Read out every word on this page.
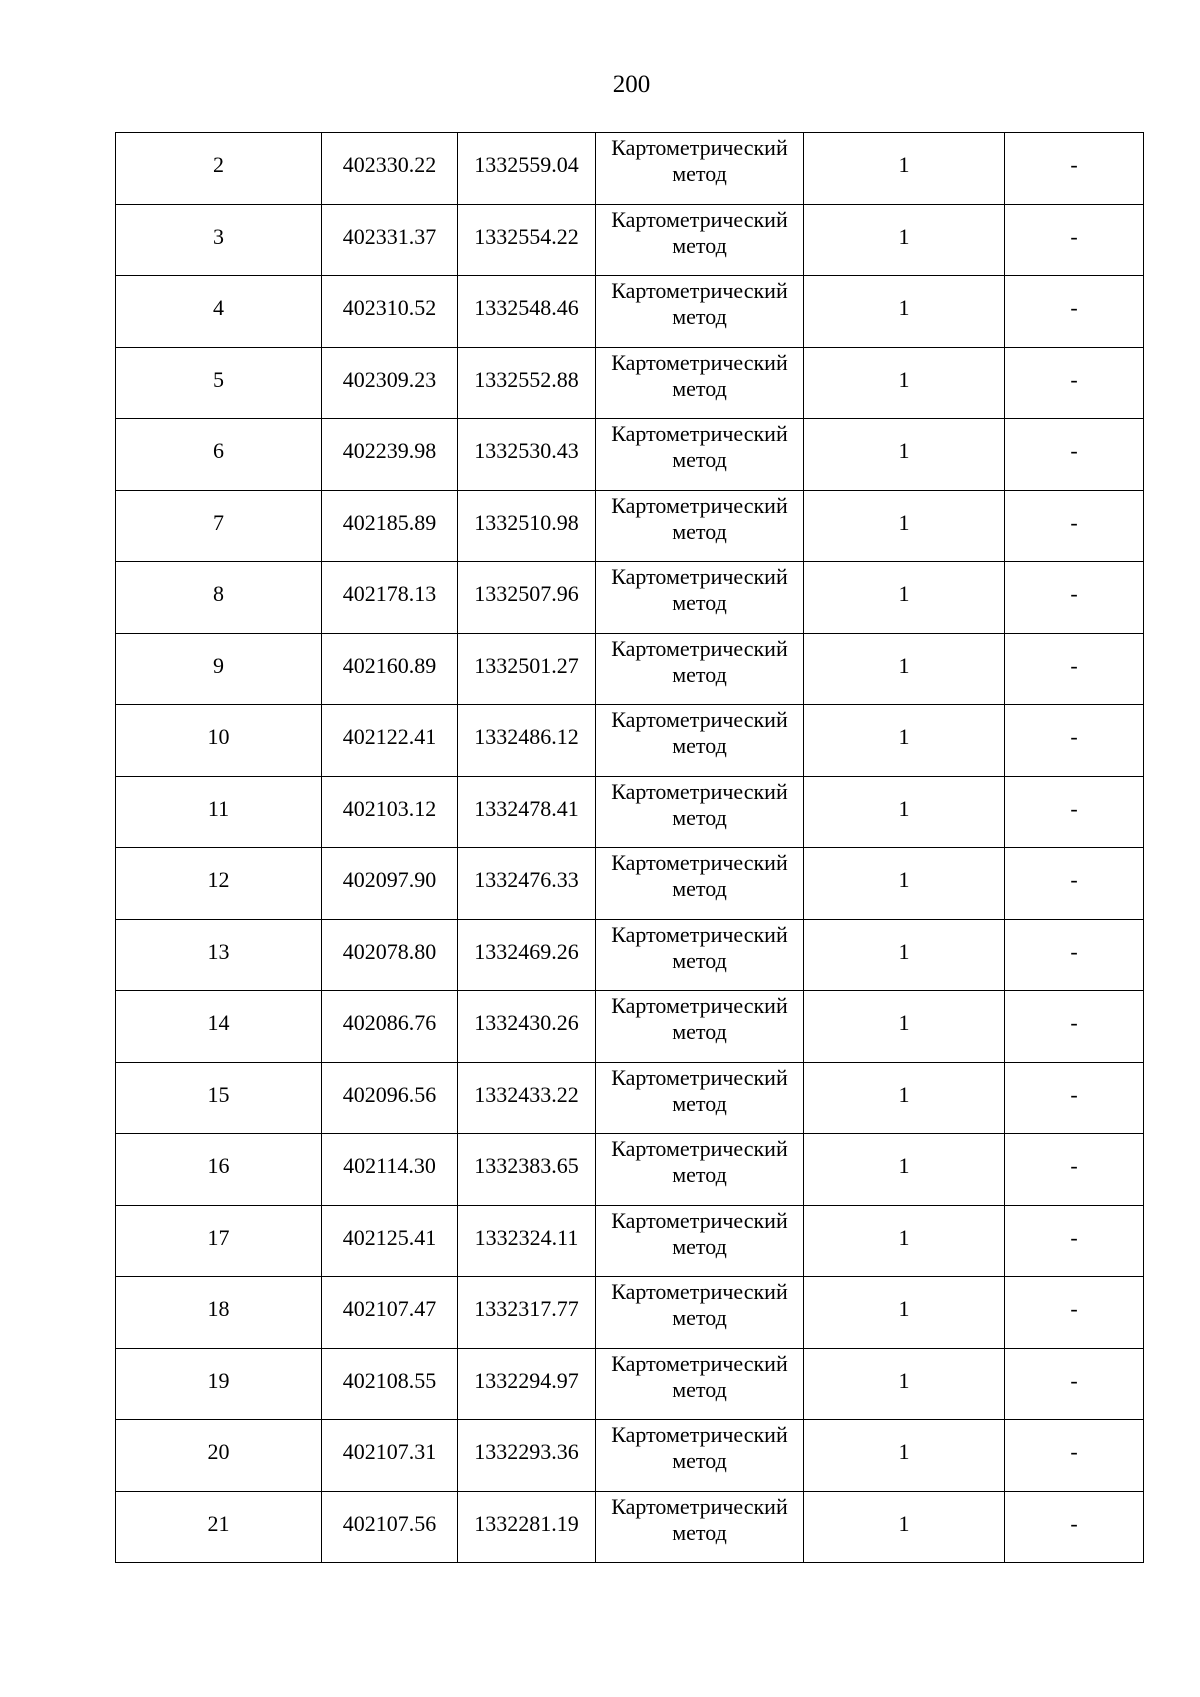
200
2	402330.22	1332559.04	Картометрический
метод	1	-

3	402331.37	1332554.22	Картометрический
метод	1	-

4	402310.52	1332548.46	Картометрический
метод	1	-

5	402309.23	1332552.88	Картометрический
метод	1	-

6	402239.98	1332530.43	Картометрический
метод	1	-

7	402185.89	1332510.98	Картометрический
метод	1	-

8	402178.13	1332507.96	Картометрический
метод	1	-

9	402160.89	1332501.27	Картометрический
метод	1	-

10	402122.41	1332486.12	Картометрический
метод	1	-

11	402103.12	1332478.41	Картометрический
метод	1	-

12	402097.90	1332476.33	Картометрический
метод	1	-

13	402078.80	1332469.26	Картометрический
метод	1	-

14	402086.76	1332430.26	Картометрический
метод	1	-

15	402096.56	1332433.22	Картометрический
метод	1	-

16	402114.30	1332383.65	Картометрический
метод	1	-

17	402125.41	1332324.11	Картометрический
метод	1	-

18	402107.47	1332317.77	Картометрический
метод	1	-

19	402108.55	1332294.97	Картометрический
метод	1	-

20	402107.31	1332293.36	Картометрический
метод	1	-

21	402107.56	1332281.19	Картометрический
метод	1	-
